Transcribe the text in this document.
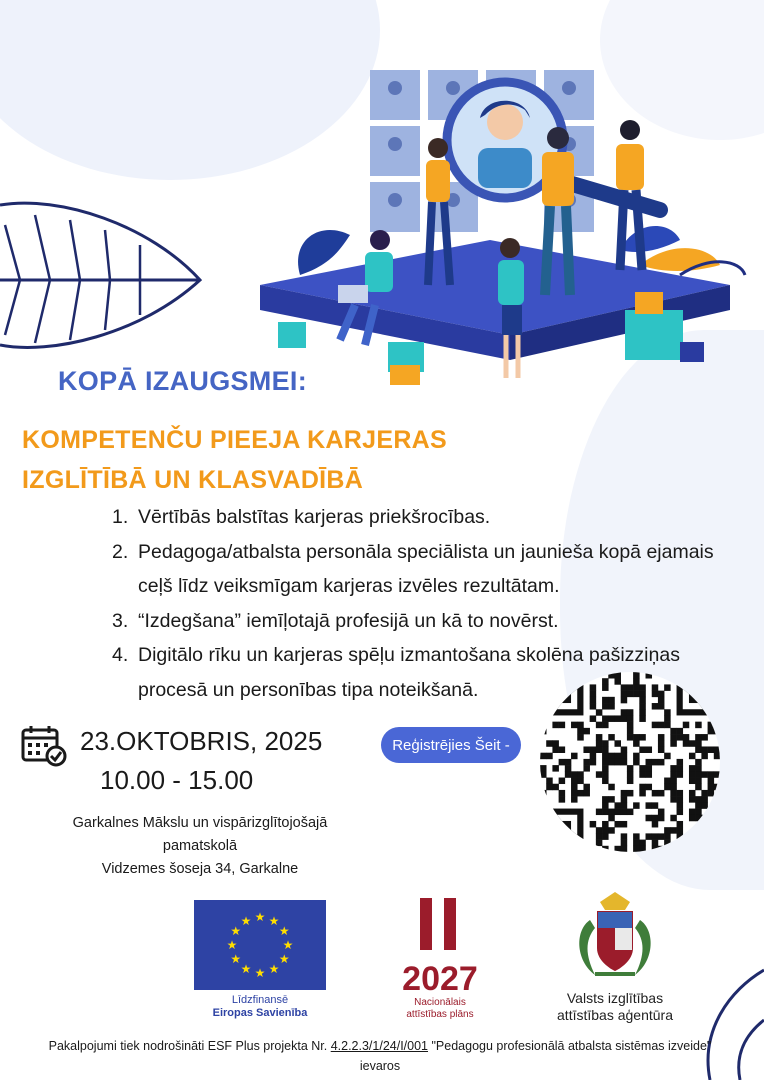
KOPĀ IZAUGSMEI:
KOMPETENČU PIEEJA KARJERAS
IZGLĪTĪBĀ UN KLASVADĪBĀ
1. Vērtībās balstītas karjeras priekšrocības.
2. Pedagoga/atbalsta personāla speciālista un jaunieša kopā ejamais ceļš līdz veiksmīgam karjeras izvēles rezultātam.
3. “Izdegšana” iemīļotajā profesijā un kā to novērst.
4. Digitālo rīku un karjeras spēļu izmantošana skolēna pašizziņas procesā un personības tipa noteikšanā.
23.OKTOBRIS, 2025
10.00 - 15.00
Reģistrējies Šeit -
Garkalnes Mākslu un vispārizglītojošajā
pamatskolā
Vidzemes šoseja 34, Garkalne
★ ★
★
★
★
★
★
★
★
★
★
★
Līdzfinansē
Eiropas Savienība
2027
Nacionālais
attīstības plāns
Valsts izglītības
attīstības aģentūra
Pakalpojumi tiek nodrošināti ESF Plus projekta Nr. 4.2.2.3/1/24/I/001 "Pedagogu profesionālā atbalsta sistēmas izveide" ievaros
